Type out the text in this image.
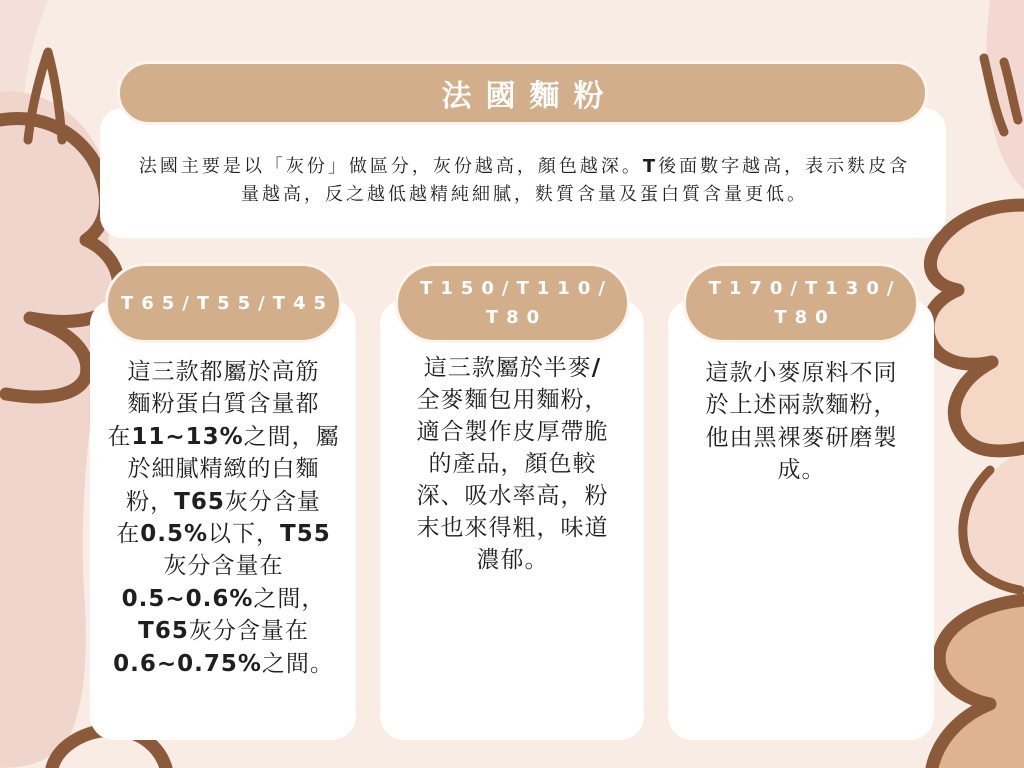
法國主要是以「灰份」做區分，灰份越高，顏色越深。T後面數字越高，表示麩皮含
量越高，反之越低越精純細膩，麩質含量及蛋白質含量更低。
法國麵粉
這三款都屬於高筋
麵粉蛋白質含量都
在11~13%之間，屬
於細膩精緻的白麵
粉，T65灰分含量
在0.5%以下，T55
灰分含量在
0.5~0.6%之間，
T65灰分含量在
0.6~0.75%之間。
T65/T55/T45
這三款屬於半麥/
全麥麵包用麵粉，
適合製作皮厚帶脆
的產品，顏色較
深、吸水率高，粉
末也來得粗，味道
濃郁。
T150/T110/
T80
這款小麥原料不同
於上述兩款麵粉，
他由黑裸麥研磨製
成。
T170/T130/
T80
